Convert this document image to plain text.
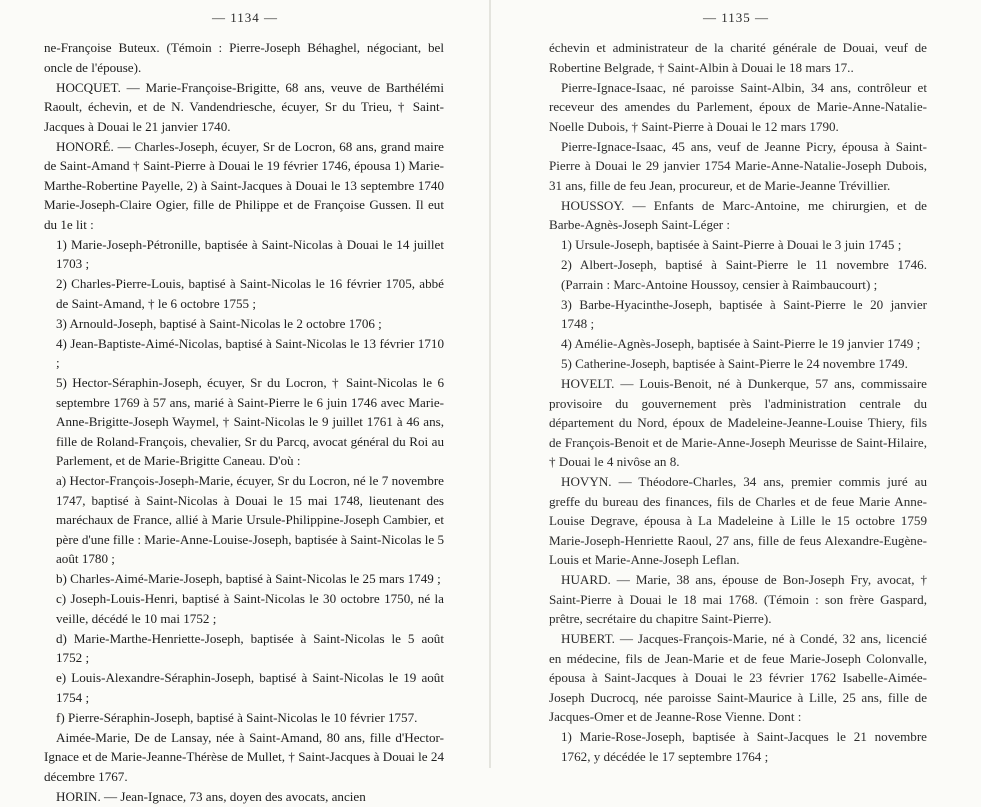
— 1134 —

ne-Françoise Buteux. (Témoin : Pierre-Joseph Béhaghel, négociant, bel oncle de l'épouse).

HOCQUET. — Marie-Françoise-Brigitte, 68 ans, veuve de Barthélémi Raoult, échevin, et de N. Vandendriesche, écuyer, Sr du Trieu, † Saint-Jacques à Douai le 21 janvier 1740.

HONORÉ. — Charles-Joseph, écuyer, Sr de Locron, 68 ans, grand maire de Saint-Amand † Saint-Pierre à Douai le 19 février 1746, épousa 1) Marie-Marthe-Robertine Payelle, 2) à Saint-Jacques à Douai le 13 septembre 1740 Marie-Joseph-Claire Ogier, fille de Philippe et de Françoise Gussen. Il eut du 1e lit :

1) Marie-Joseph-Pétronille, baptisée à Saint-Nicolas à Douai le 14 juillet 1703 ;

2) Charles-Pierre-Louis, baptisé à Saint-Nicolas le 16 février 1705, abbé de Saint-Amand, † le 6 octobre 1755 ;

3) Arnould-Joseph, baptisé à Saint-Nicolas le 2 octobre 1706 ;

4) Jean-Baptiste-Aimé-Nicolas, baptisé à Saint-Nicolas le 13 février 1710 ;

5) Hector-Séraphin-Joseph, écuyer, Sr du Locron, † Saint-Nicolas le 6 septembre 1769 à 57 ans, marié à Saint-Pierre le 6 juin 1746 avec Marie-Anne-Brigitte-Joseph Waymel, † Saint-Nicolas le 9 juillet 1761 à 46 ans, fille de Roland-François, chevalier, Sr du Parcq, avocat général du Roi au Parlement, et de Marie-Brigitte Caneau. D'où :

a) Hector-François-Joseph-Marie, écuyer, Sr du Locron, né le 7 novembre 1747, baptisé à Saint-Nicolas à Douai le 15 mai 1748, lieutenant des maréchaux de France, allié à Marie Ursule-Philippine-Joseph Cambier, et père d'une fille : Marie-Anne-Louise-Joseph, baptisée à Saint-Nicolas le 5 août 1780 ;

b) Charles-Aimé-Marie-Joseph, baptisé à Saint-Nicolas le 25 mars 1749 ;

c) Joseph-Louis-Henri, baptisé à Saint-Nicolas le 30 octobre 1750, né la veille, décédé le 10 mai 1752 ;

d) Marie-Marthe-Henriette-Joseph, baptisée à Saint-Nicolas le 5 août 1752 ;

e) Louis-Alexandre-Séraphin-Joseph, baptisé à Saint-Nicolas le 19 août 1754 ;

f) Pierre-Séraphin-Joseph, baptisé à Saint-Nicolas le 10 février 1757.

Aimée-Marie, De de Lansay, née à Saint-Amand, 80 ans, fille d'Hector-Ignace et de Marie-Jeanne-Thérèse de Mullet, † Saint-Jacques à Douai le 24 décembre 1767.

HORIN. — Jean-Ignace, 73 ans, doyen des avocats, ancien

— 1135 —

échevin et administrateur de la charité générale de Douai, veuf de Robertine Belgrade, † Saint-Albin à Douai le 18 mars 17..

Pierre-Ignace-Isaac, né paroisse Saint-Albin, 34 ans, contrôleur et receveur des amendes du Parlement, époux de Marie-Anne-Natalie-Noelle Dubois, † Saint-Pierre à Douai le 12 mars 1790.

Pierre-Ignace-Isaac, 45 ans, veuf de Jeanne Picry, épousa à Saint-Pierre à Douai le 29 janvier 1754 Marie-Anne-Natalie-Joseph Dubois, 31 ans, fille de feu Jean, procureur, et de Marie-Jeanne Trévillier.

HOUSSOY. — Enfants de Marc-Antoine, me chirurgien, et de Barbe-Agnès-Joseph Saint-Léger :

1) Ursule-Joseph, baptisée à Saint-Pierre à Douai le 3 juin 1745 ;

2) Albert-Joseph, baptisé à Saint-Pierre le 11 novembre 1746. (Parrain : Marc-Antoine Houssoy, censier à Raimbaucourt) ;

3) Barbe-Hyacinthe-Joseph, baptisée à Saint-Pierre le 20 janvier 1748 ;

4) Amélie-Agnès-Joseph, baptisée à Saint-Pierre le 19 janvier 1749 ;

5) Catherine-Joseph, baptisée à Saint-Pierre le 24 novembre 1749.

HOVELT. — Louis-Benoit, né à Dunkerque, 57 ans, commissaire provisoire du gouvernement près l'administration centrale du département du Nord, époux de Madeleine-Jeanne-Louise Thiery, fils de François-Benoit et de Marie-Anne-Joseph Meurisse de Saint-Hilaire, † Douai le 4 nivôse an 8.

HOVYN. — Théodore-Charles, 34 ans, premier commis juré au greffe du bureau des finances, fils de Charles et de feue Marie Anne-Louise Degrave, épousa à La Madeleine à Lille le 15 octobre 1759 Marie-Joseph-Henriette Raoul, 27 ans, fille de feus Alexandre-Eugène-Louis et Marie-Anne-Joseph Leflan.

HUARD. — Marie, 38 ans, épouse de Bon-Joseph Fry, avocat, † Saint-Pierre à Douai le 18 mai 1768. (Témoin : son frère Gaspard, prêtre, secrétaire du chapitre Saint-Pierre).

HUBERT. — Jacques-François-Marie, né à Condé, 32 ans, licencié en médecine, fils de Jean-Marie et de feue Marie-Joseph Colonvalle, épousa à Saint-Jacques à Douai le 23 février 1762 Isabelle-Aimée-Joseph Ducrocq, née paroisse Saint-Maurice à Lille, 25 ans, fille de Jacques-Omer et de Jeanne-Rose Vienne. Dont :

1) Marie-Rose-Joseph, baptisée à Saint-Jacques le 21 novembre 1762, y décédée le 17 septembre 1764 ;
